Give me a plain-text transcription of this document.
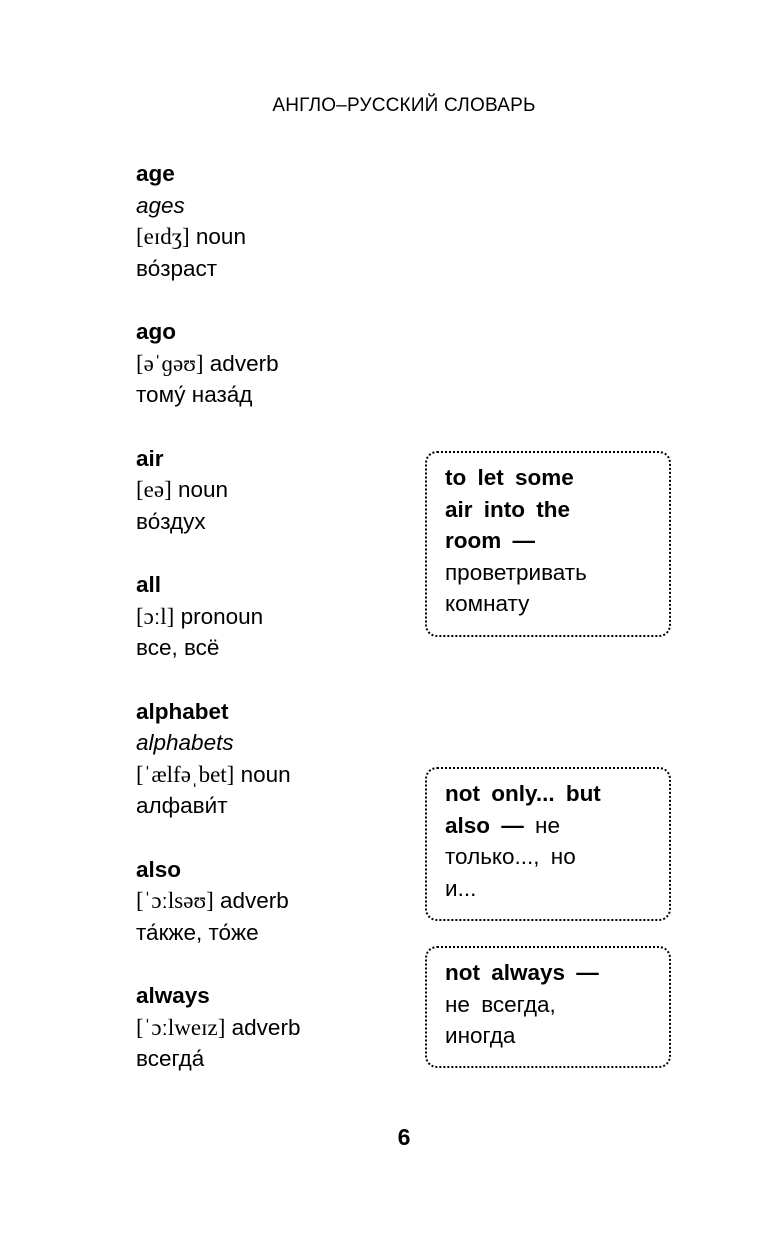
АНГЛО–РУССКИЙ СЛОВАРЬ
age
ages
[eɪdʒ] noun
во́зраст
ago
[əˈɡəʊ] adverb
тому́ наза́д
air
[eə] noun
во́здух
all
[ɔːl] pronoun
все, всё
alphabet
alphabets
[ˈælfəˌbet] noun
алфави́т
also
[ˈɔːlsəʊ] adverb
та́кже, то́же
always
[ˈɔːlweɪz] adverb
всегда́
to let some
air into the
room —
проветривать
комнату
not only... but
also — не
только..., но
и...
not always —
не всегда,
иногда
6
